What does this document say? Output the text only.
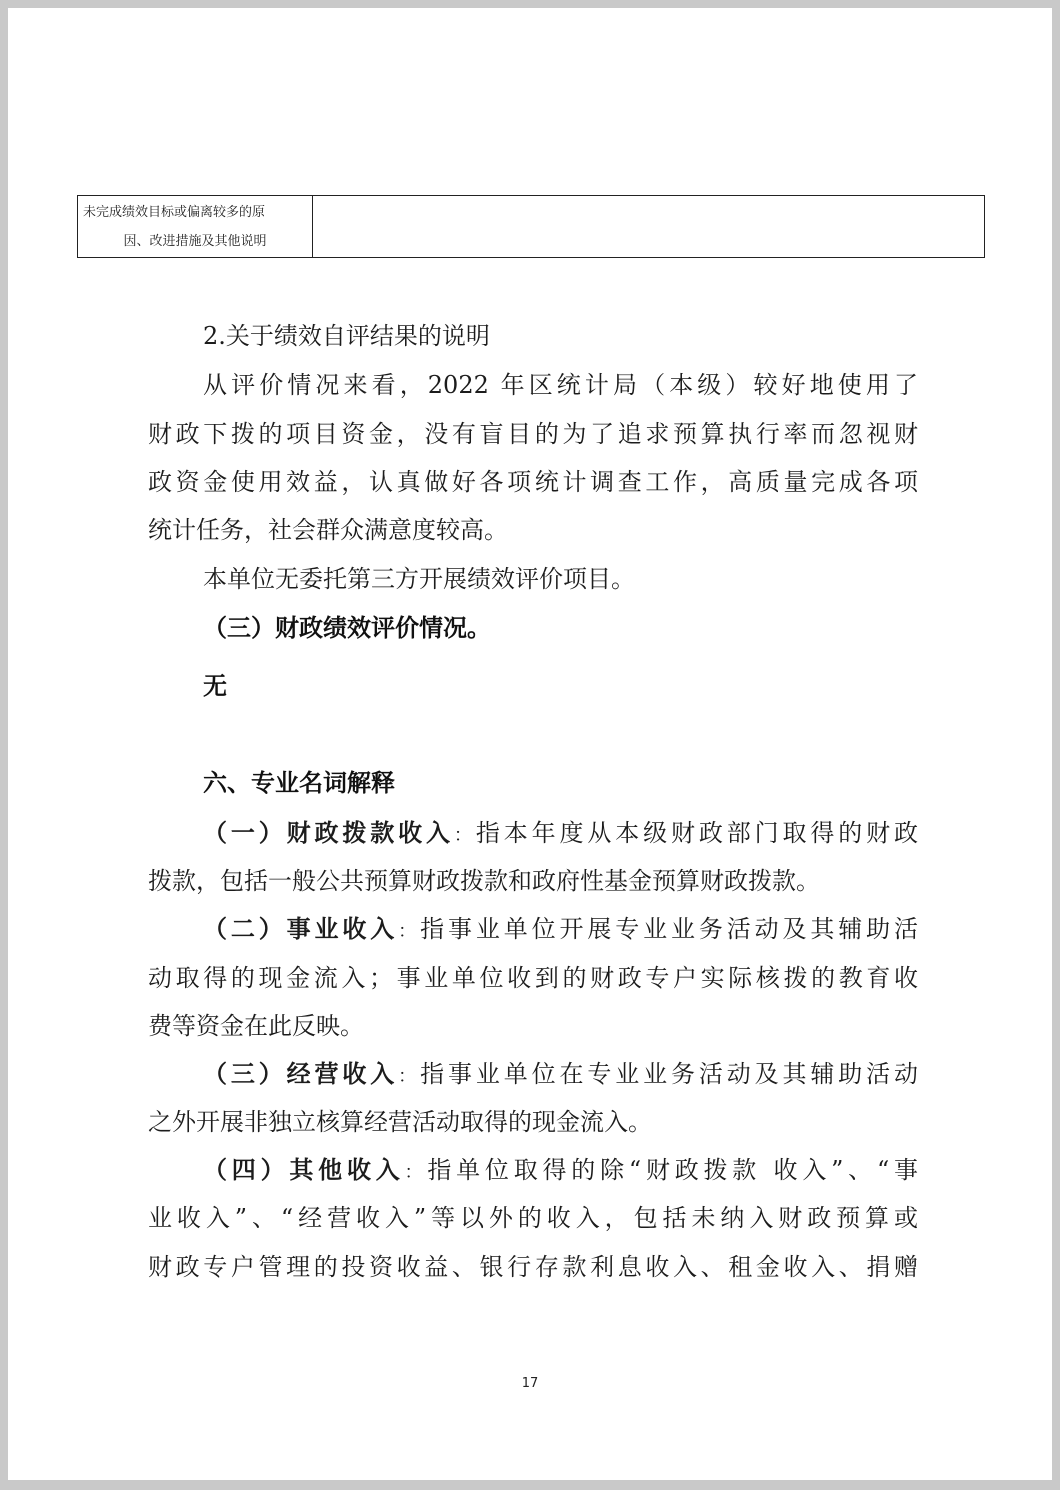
未完成绩效目标或偏离较多的原
因、改进措施及其他说明

2.关于绩效自评结果的说明
从评价情况来看，2022 年区统计局（本级）较好地使用了
财政下拨的项目资金，没有盲目的为了追求预算执行率而忽视财
政资金使用效益，认真做好各项统计调查工作，高质量完成各项
统计任务，社会群众满意度较高。
本单位无委托第三方开展绩效评价项目。
（三）财政绩效评价情况。
无
六、专业名词解释
（一）财政拨款收入：指本年度从本级财政部门取得的财政
拨款，包括一般公共预算财政拨款和政府性基金预算财政拨款。
（二）事业收入：指事业单位开展专业业务活动及其辅助活
动取得的现金流入；事业单位收到的财政专户实际核拨的教育收
费等资金在此反映。
（三）经营收入：指事业单位在专业业务活动及其辅助活动
之外开展非独立核算经营活动取得的现金流入。
（四）其他收入：指单位取得的除“财政拨款 收入”、“事
业收入”、“经营收入”等以外的收入，包括未纳入财政预算或
财政专户管理的投资收益、银行存款利息收入、租金收入、捐赠
17
